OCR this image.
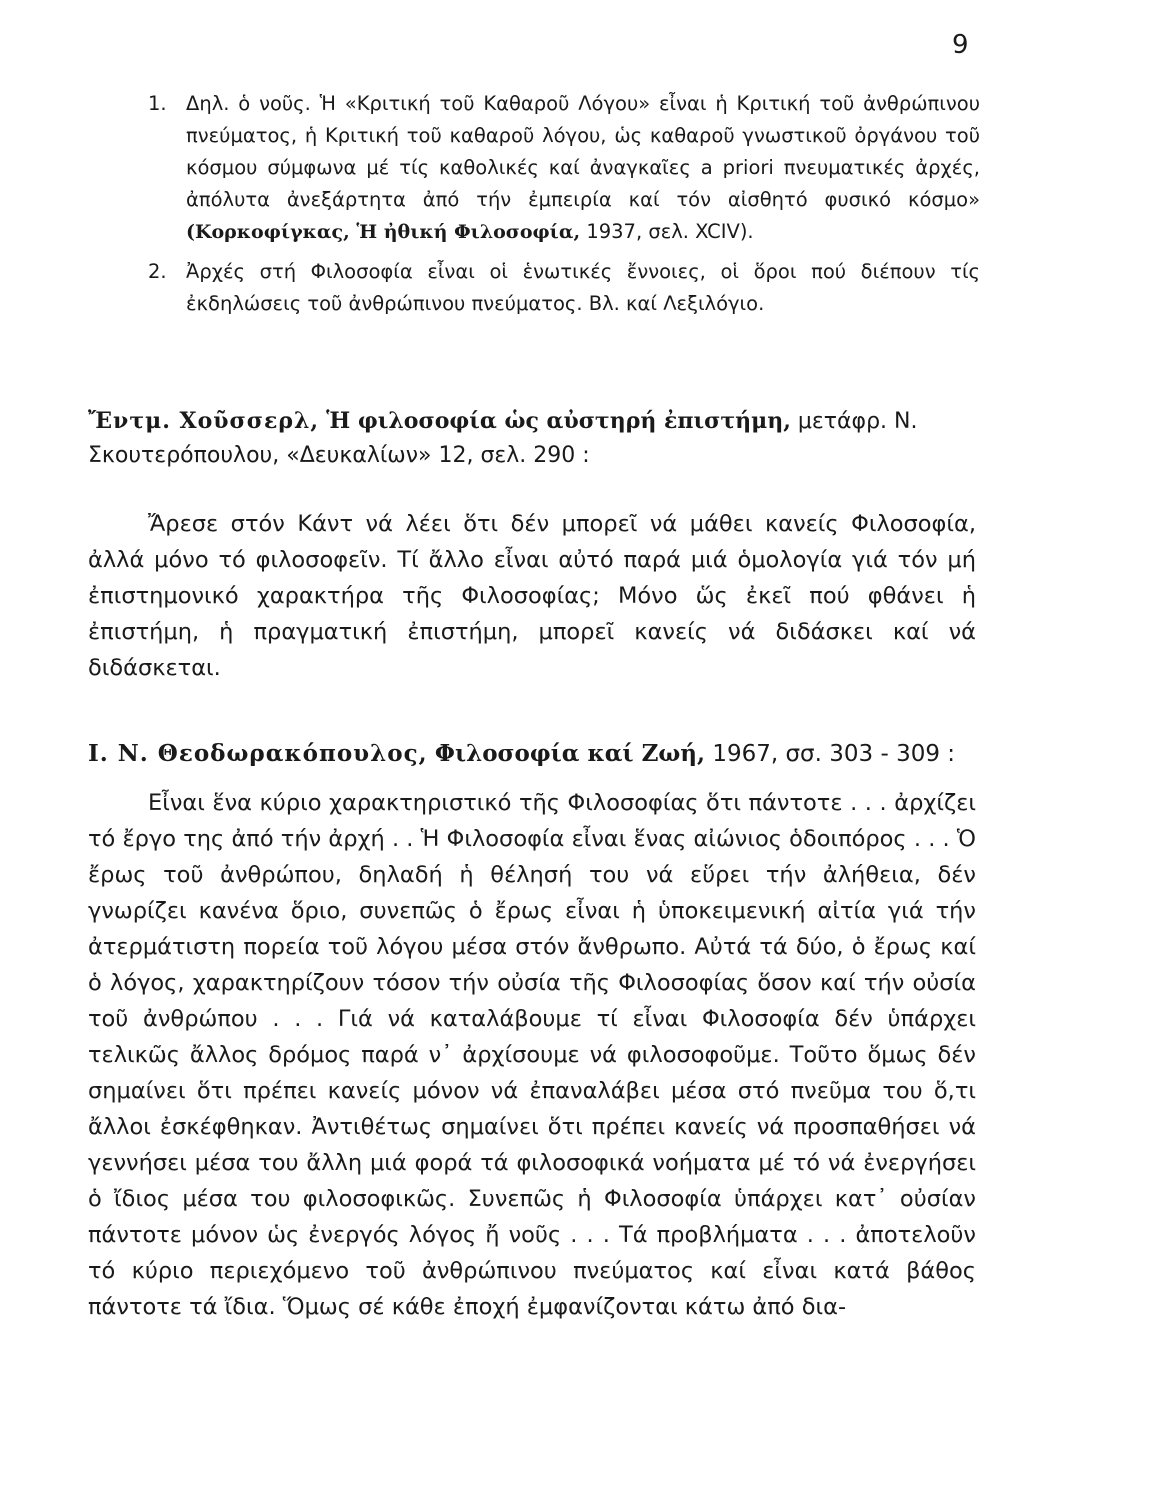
9
1. Δηλ. ὁ νοῦς. Ἡ «Κριτική τοῦ Καθαροῦ Λόγου» εἶναι ἡ Κριτική τοῦ ἀνθρώπινου πνεύματος, ἡ Κριτική τοῦ καθαροῦ λόγου, ὡς καθαροῦ γνωστικοῦ ὀργάνου τοῦ κόσμου σύμφωνα μέ τίς καθολικές καί ἀναγκαῖες a priori πνευματικές ἀρχές, ἀπόλυτα ἀνεξάρτητα ἀπό τήν ἐμπειρία καί τόν αἰσθητό φυσικό κόσμο» (Κορκοφίγκας, Ἡ ἠθική Φιλοσοφία, 1937, σελ. XCIV).
2. Ἀρχές στή Φιλοσοφία εἶναι οἱ ἑνωτικές ἔννοιες, οἱ ὅροι πού διέπουν τίς ἐκδηλώσεις τοῦ ἀνθρώπινου πνεύματος. Βλ. καί Λεξιλόγιο.
Ἔντμ. Χοῦσσερλ, Ἡ φιλοσοφία ὡς αὐστηρή ἐπιστήμη, μετάφρ. Ν. Σκουτερόπουλου, «Δευκαλίων» 12, σελ. 290 :

Ἄρεσε στόν Κάντ νά λέει ὅτι δέν μπορεῖ νά μάθει κανείς Φιλοσοφία, ἀλλά μόνο τό φιλοσοφεῖν. Τί ἄλλο εἶναι αὐτό παρά μιά ὁμολογία γιά τόν μή ἐπιστημονικό χαρακτήρα τῆς Φιλοσοφίας; Μόνο ὥς ἐκεῖ πού φθάνει ἡ ἐπιστήμη, ἡ πραγματική ἐπιστήμη, μπορεῖ κανείς νά διδάσκει καί νά διδάσκεται.

Ι. Ν. Θεοδωρακόπουλος, Φιλοσοφία καί Ζωή, 1967, σσ. 303 - 309 :

Εἶναι ἕνα κύριο χαρακτηριστικό τῆς Φιλοσοφίας ὅτι πάντοτε . . . ἀρχίζει τό ἔργο της ἀπό τήν ἀρχή . . Ἡ Φιλοσοφία εἶναι ἕνας αἰώνιος ὁδοιπόρος . . . Ὁ ἔρως τοῦ ἀνθρώπου, δηλαδή ἡ θέλησή του νά εὕρει τήν ἀλήθεια, δέν γνωρίζει κανένα ὅριο, συνεπῶς ὁ ἔρως εἶναι ἡ ὑποκειμενική αἰτία γιά τήν ἀτερμάτιστη πορεία τοῦ λόγου μέσα στόν ἄνθρωπο. Αὐτά τά δύο, ὁ ἔρως καί ὁ λόγος, χαρακτηρίζουν τόσον τήν οὐσία τῆς Φιλοσοφίας ὅσον καί τήν οὐσία τοῦ ἀνθρώπου . . . Γιά νά καταλάβουμε τί εἶναι Φιλοσοφία δέν ὑπάρχει τελικῶς ἄλλος δρόμος παρά ν᾽ ἀρχίσουμε νά φιλοσοφοῦμε. Τοῦτο ὅμως δέν σημαίνει ὅτι πρέπει κανείς μόνον νά ἐπαναλάβει μέσα στό πνεῦμα του ὅ,τι ἄλλοι ἐσκέφθηκαν. Ἀντιθέτως σημαίνει ὅτι πρέπει κανείς νά προσπαθήσει νά γεννήσει μέσα του ἄλλη μιά φορά τά φιλοσοφικά νοήματα μέ τό νά ἐνεργήσει ὁ ἴδιος μέσα του φιλοσοφικῶς. Συνεπῶς ἡ Φιλοσοφία ὑπάρχει κατ᾽ οὐσίαν πάντοτε μόνον ὡς ἐνεργός λόγος ἤ νοῦς . . . Τά προβλήματα . . . ἀποτελοῦν τό κύριο περιεχόμενο τοῦ ἀνθρώπινου πνεύματος καί εἶναι κατά βάθος πάντοτε τά ἴδια. Ὅμως σέ κάθε ἐποχή ἐμφανίζονται κάτω ἀπό δια-
